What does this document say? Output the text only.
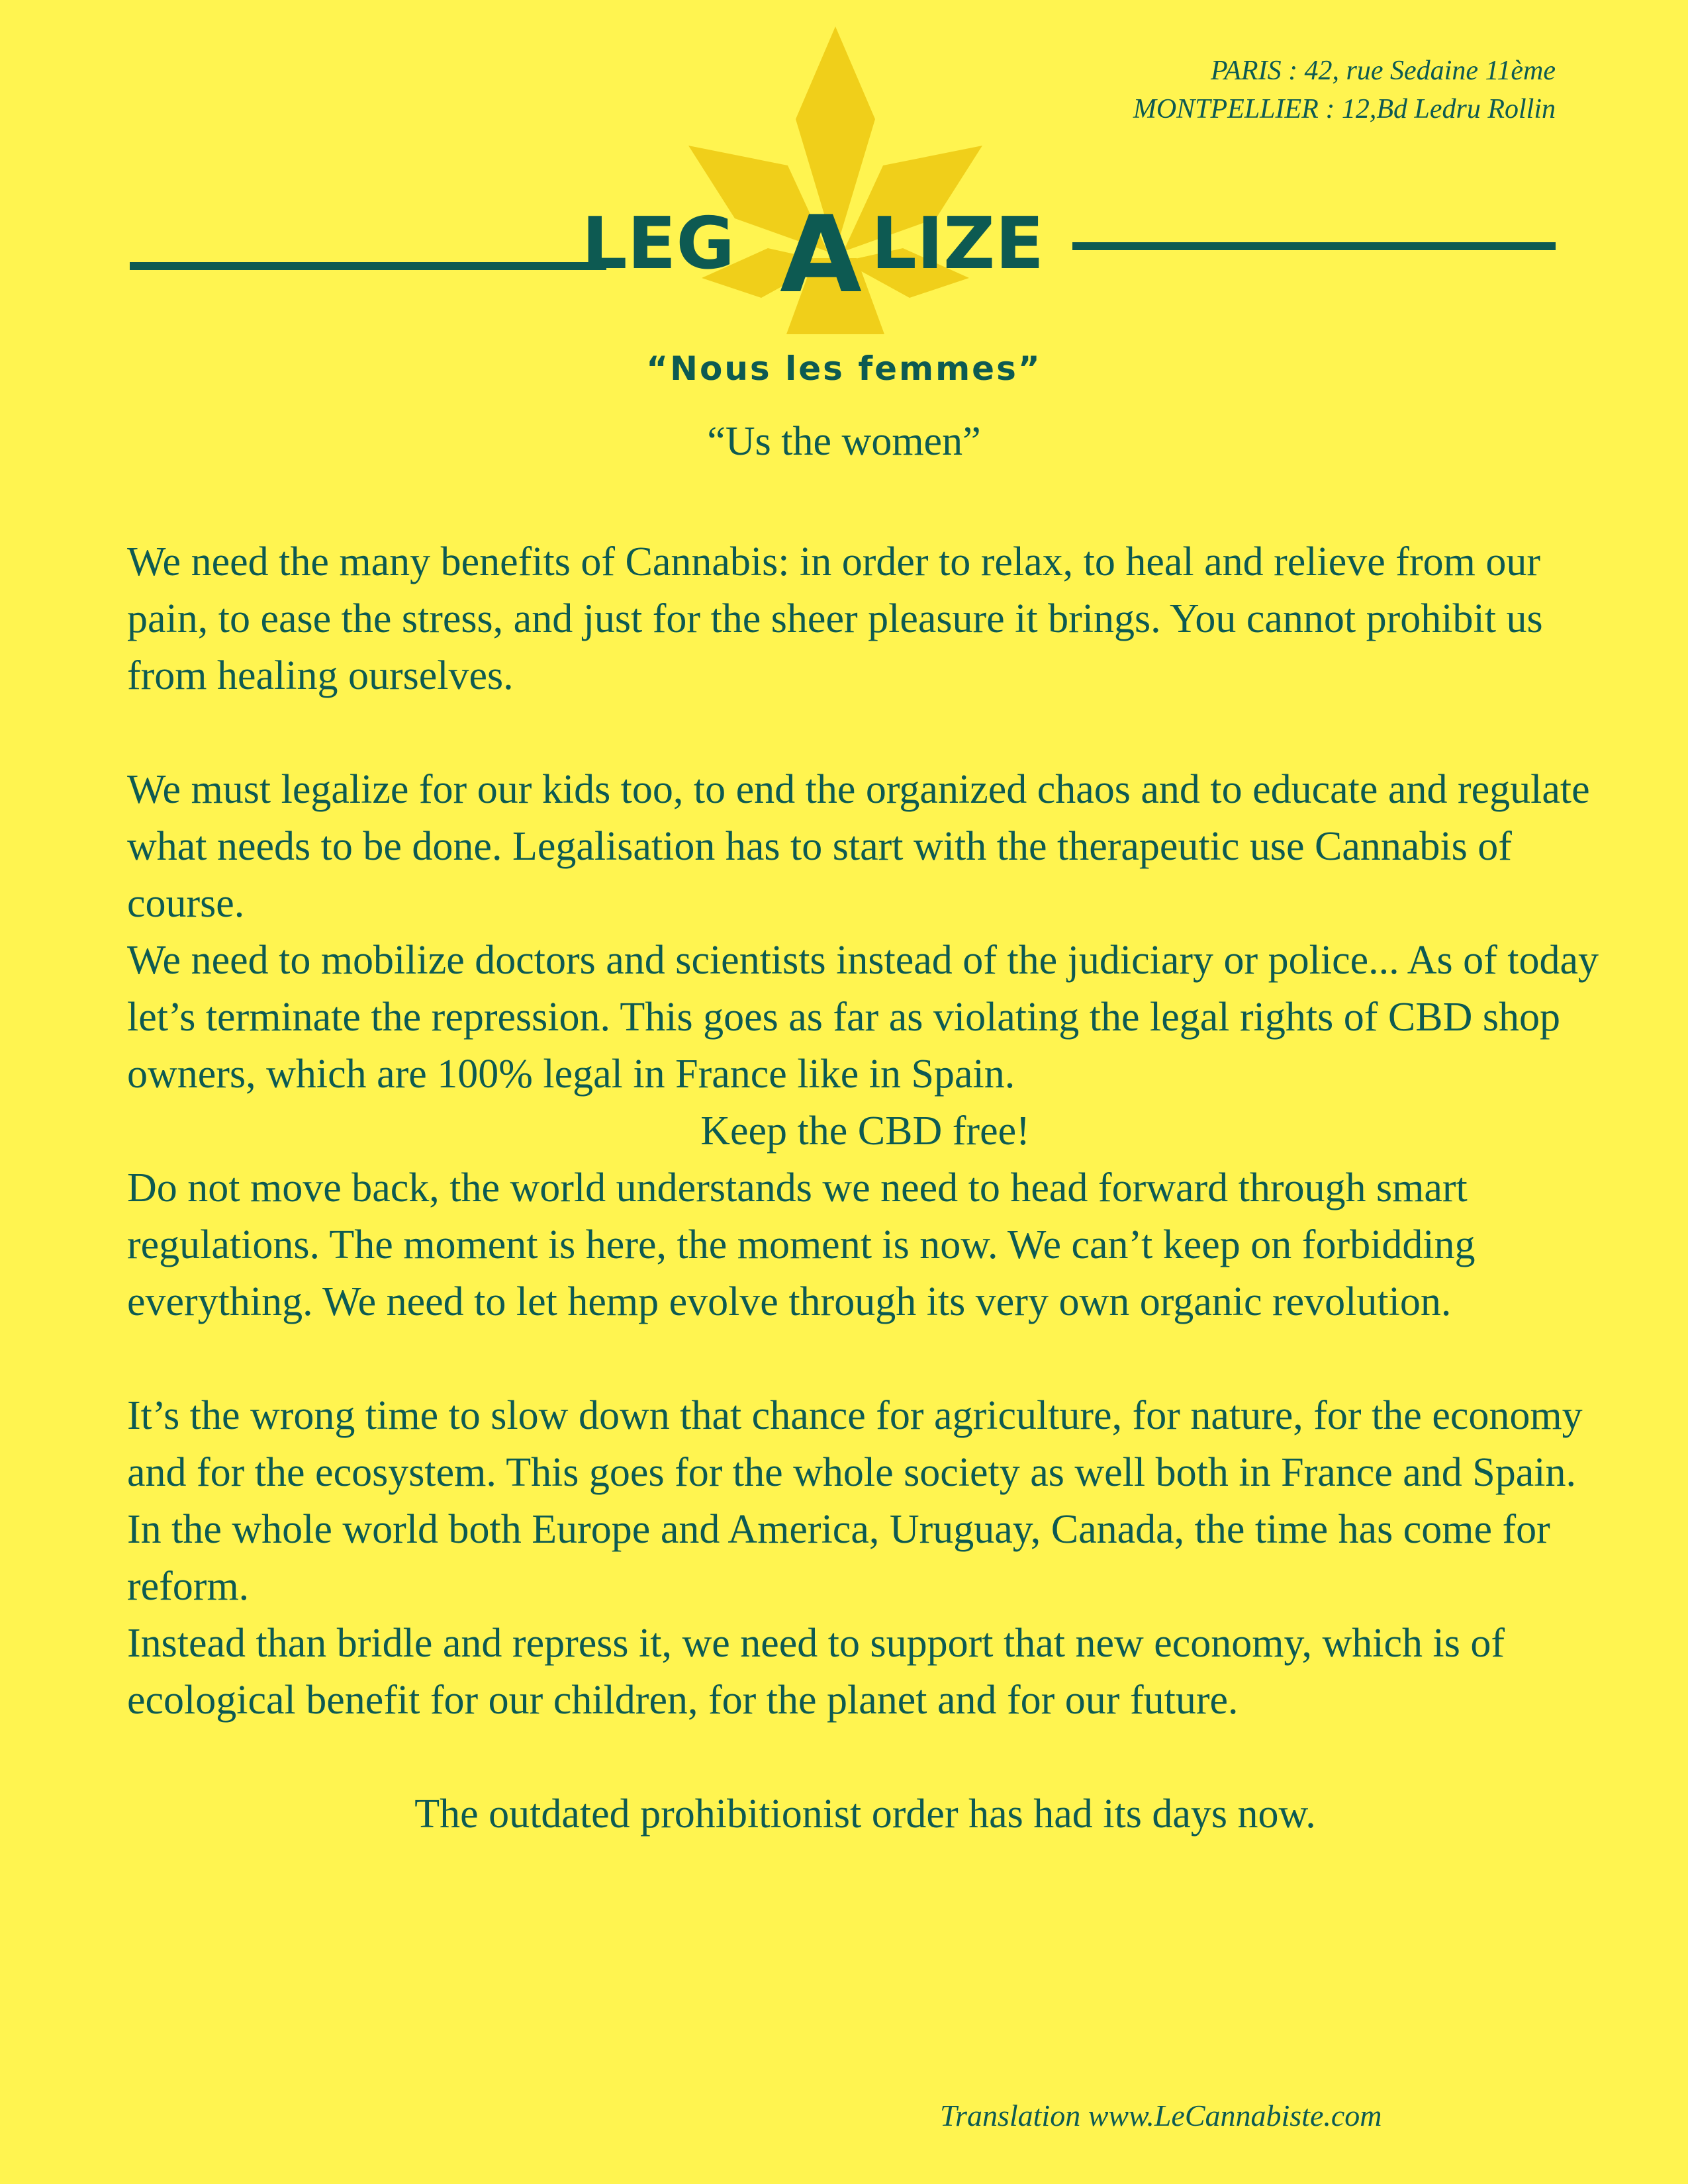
LEG A LIZE
PARIS : 42, rue Sedaine 11ème
MONTPELLIER : 12,Bd Ledru Rollin
“Nous les femmes”
“Us the women”

We need the many benefits of Cannabis: in order to relax, to heal and relieve from our pain, to ease the stress, and just for the sheer pleasure it brings. You cannot prohibit us from healing ourselves.

We must legalize for our kids too, to end the organized chaos and to educate and regulate what needs to be done. Legalisation has to start with the therapeutic use Cannabis of course.

We need to mobilize doctors and scientists instead of the judiciary or police... As of today let’s terminate the repression. This goes as far as violating the legal rights of CBD shop owners, which are 100% legal in France like in Spain.

Keep the CBD free!

Do not move back, the world understands we need to head forward through smart regulations. The moment is here, the moment is now. We can’t keep on forbidding everything. We need to let hemp evolve through its very own organic revolution.

It’s the wrong time to slow down that chance for agriculture, for nature, for the economy and for the ecosystem. This goes for the whole society as well both in France and Spain.

In the whole world both Europe and America, Uruguay, Canada, the time has come for reform.

Instead than bridle and repress it, we need to support that new economy, which is of ecological benefit for our children, for the planet and for our future.

The outdated prohibitionist order has had its days now.

Translation www.LeCannabiste.com
